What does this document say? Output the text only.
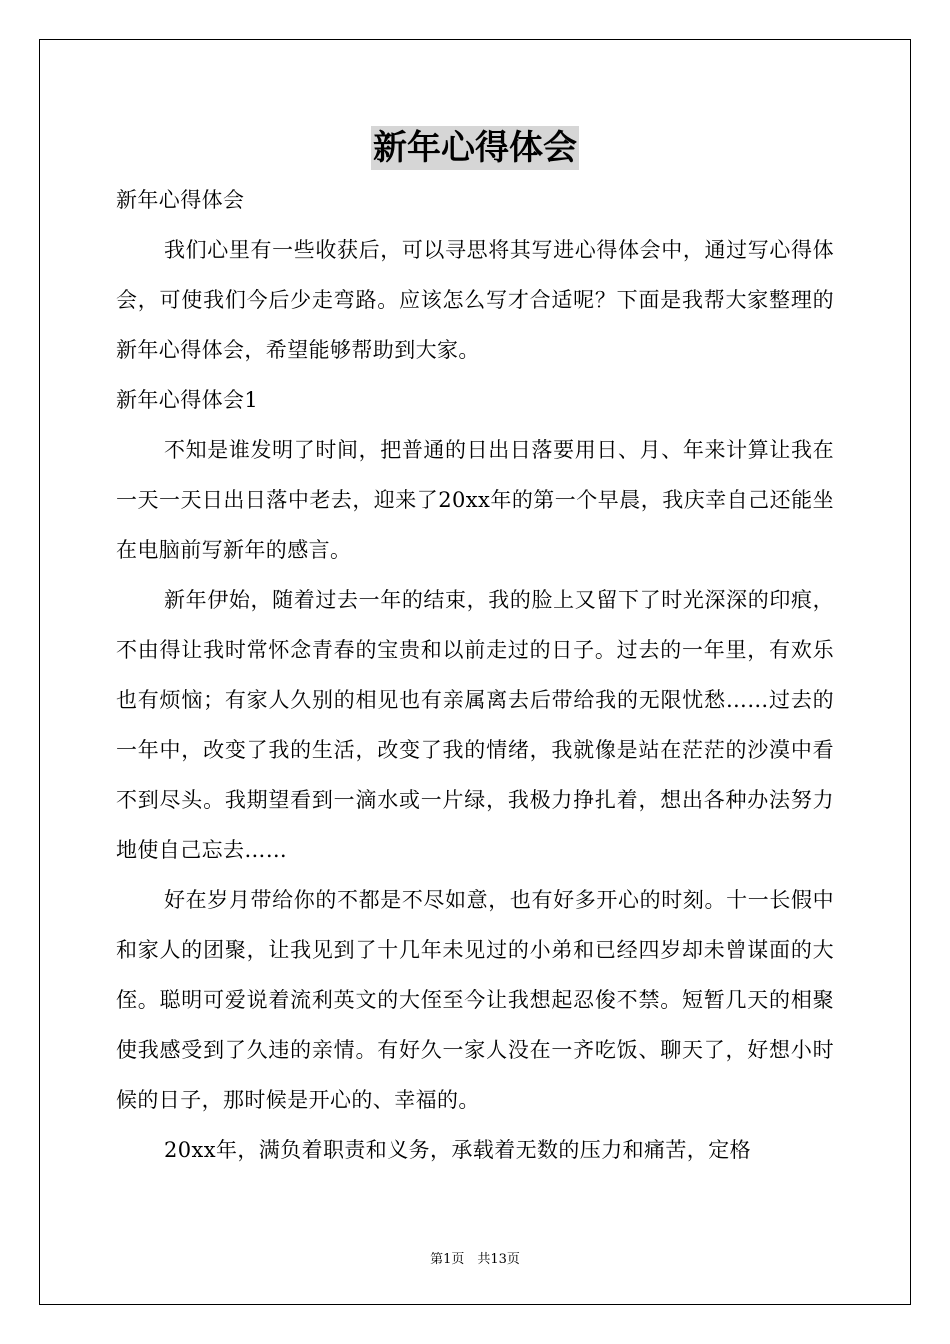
新年心得体会

新年心得体会

我们心里有一些收获后，可以寻思将其写进心得体会中，通过写心得体会，可使我们今后少走弯路。应该怎么写才合适呢？下面是我帮大家整理的新年心得体会，希望能够帮助到大家。

新年心得体会1

不知是谁发明了时间，把普通的日出日落要用日、月、年来计算让我在一天一天日出日落中老去，迎来了20xx年的第一个早晨，我庆幸自己还能坐在电脑前写新年的感言。

新年伊始，随着过去一年的结束，我的脸上又留下了时光深深的印痕，不由得让我时常怀念青春的宝贵和以前走过的日子。过去的一年里，有欢乐也有烦恼；有家人久别的相见也有亲属离去后带给我的无限忧愁……过去的一年中，改变了我的生活，改变了我的情绪，我就像是站在茫茫的沙漠中看不到尽头。我期望看到一滴水或一片绿，我极力挣扎着，想出各种办法努力地使自己忘去……

好在岁月带给你的不都是不尽如意，也有好多开心的时刻。十一长假中和家人的团聚，让我见到了十几年未见过的小弟和已经四岁却未曾谋面的大侄。聪明可爱说着流利英文的大侄至今让我想起忍俊不禁。短暂几天的相聚使我感受到了久违的亲情。有好久一家人没在一齐吃饭、聊天了，好想小时候的日子，那时候是开心的、幸福的。

20xx年，满负着职责和义务，承载着无数的压力和痛苦，定格

第1页　共13页
